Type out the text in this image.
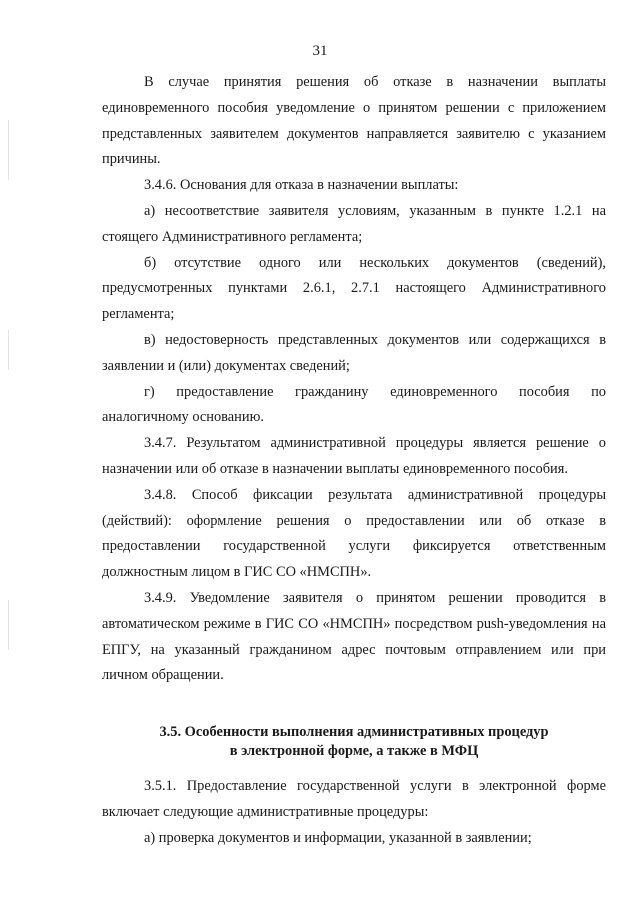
31

В случае принятия решения об отказе в назначении выплаты единовременного пособия уведомление о принятом решении с приложением представленных заявителем документов направляется заявителю с указанием причины.

3.4.6. Основания для отказа в назначении выплаты:

а) несоответствие заявителя условиям, указанным в пункте 1.2.1 на стоящего Административного регламента;

б) отсутствие одного или нескольких документов (сведений), предусмотренных пунктами 2.6.1, 2.7.1 настоящего Административного регламента;

в) недостоверность представленных документов или содержащихся в заявлении и (или) документах сведений;

г) предоставление гражданину единовременного пособия по аналогичному основанию.

3.4.7. Результатом административной процедуры является решение о назначении или об отказе в назначении выплаты единовременного пособия.

3.4.8. Способ фиксации результата административной процедуры (действий): оформление решения о предоставлении или об отказе в предоставлении государственной услуги фиксируется ответственным должностным лицом в ГИС СО «НМСПН».

3.4.9. Уведомление заявителя о принятом решении проводится в автоматическом режиме в ГИС СО «НМСПН» посредством push-уведомления на ЕПГУ, на указанный гражданином адрес почтовым отправлением или при личном обращении.

3.5. Особенности выполнения административных процедур
в электронной форме, а также в МФЦ

3.5.1. Предоставление государственной услуги в электронной форме включает следующие административные процедуры:

а) проверка документов и информации, указанной в заявлении;
